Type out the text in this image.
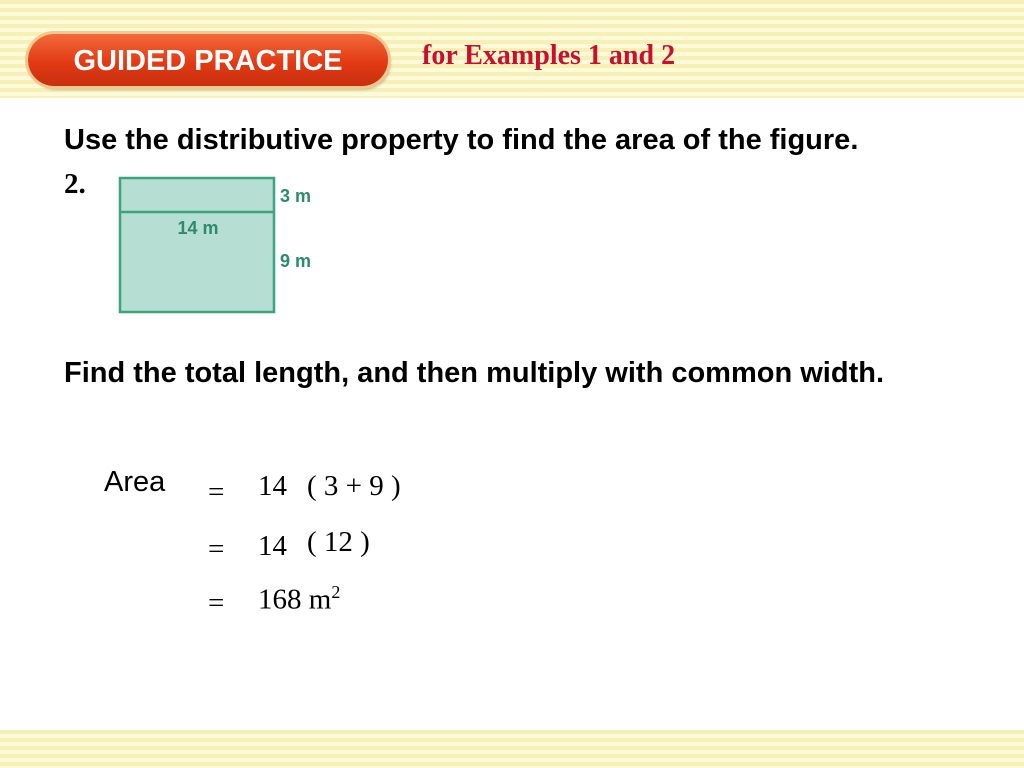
GUIDED PRACTICE	for Examples 1 and 2
Use the distributive property to find the area of the figure.
2.
14 m
3 m
9 m
Find the total length, and then multiply with common width.
Area = 14 ( 3 + 9 )
= 14 ( 12 )
= 168 $m^2$
